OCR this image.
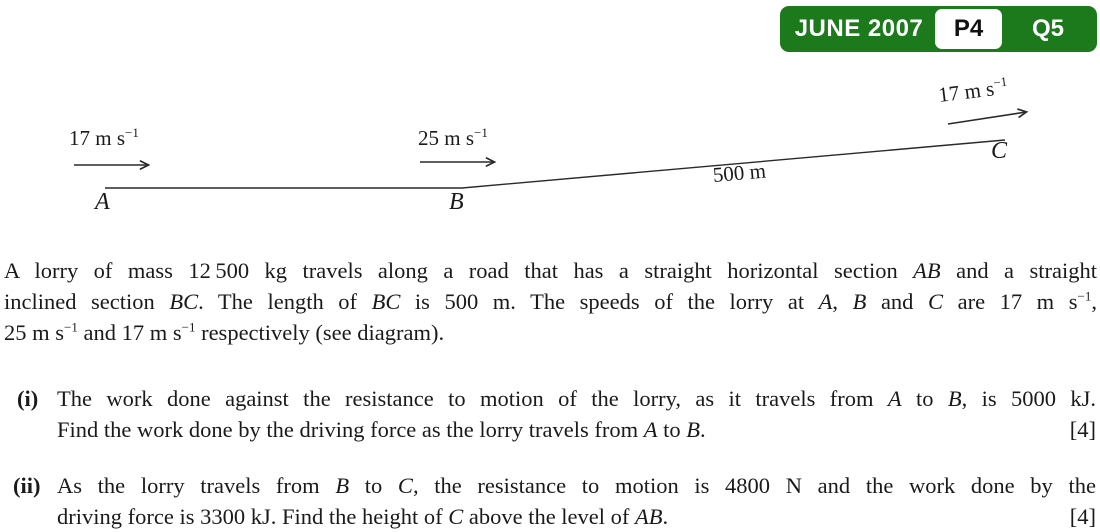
JUNE 2007	P4	Q5
17 m $s^{-1}$	25 m $s^{-1}$
17 m $s^{-1}$
500 m
A	B
C
A lorry of mass 12 500 kg travels along a road that has a straight horizontal section AB and a straight
inclined section BC. The length of BC is 500 m. The speeds of the lorry at A, B and C are 17 m $s^{-1}$,
25 m $s^{-1}$ and 17 m $s^{-1}$ respectively (see diagram).
(i) The work done against the resistance to motion of the lorry, as it travels from A to B, is 5000 kJ.
Find the work done by the driving force as the lorry travels from A to B.	[4]
(ii) As the lorry travels from B to C, the resistance to motion is 4800 N and the work done by the
driving force is 3300 kJ. Find the height of C above the level of AB.	[4]
